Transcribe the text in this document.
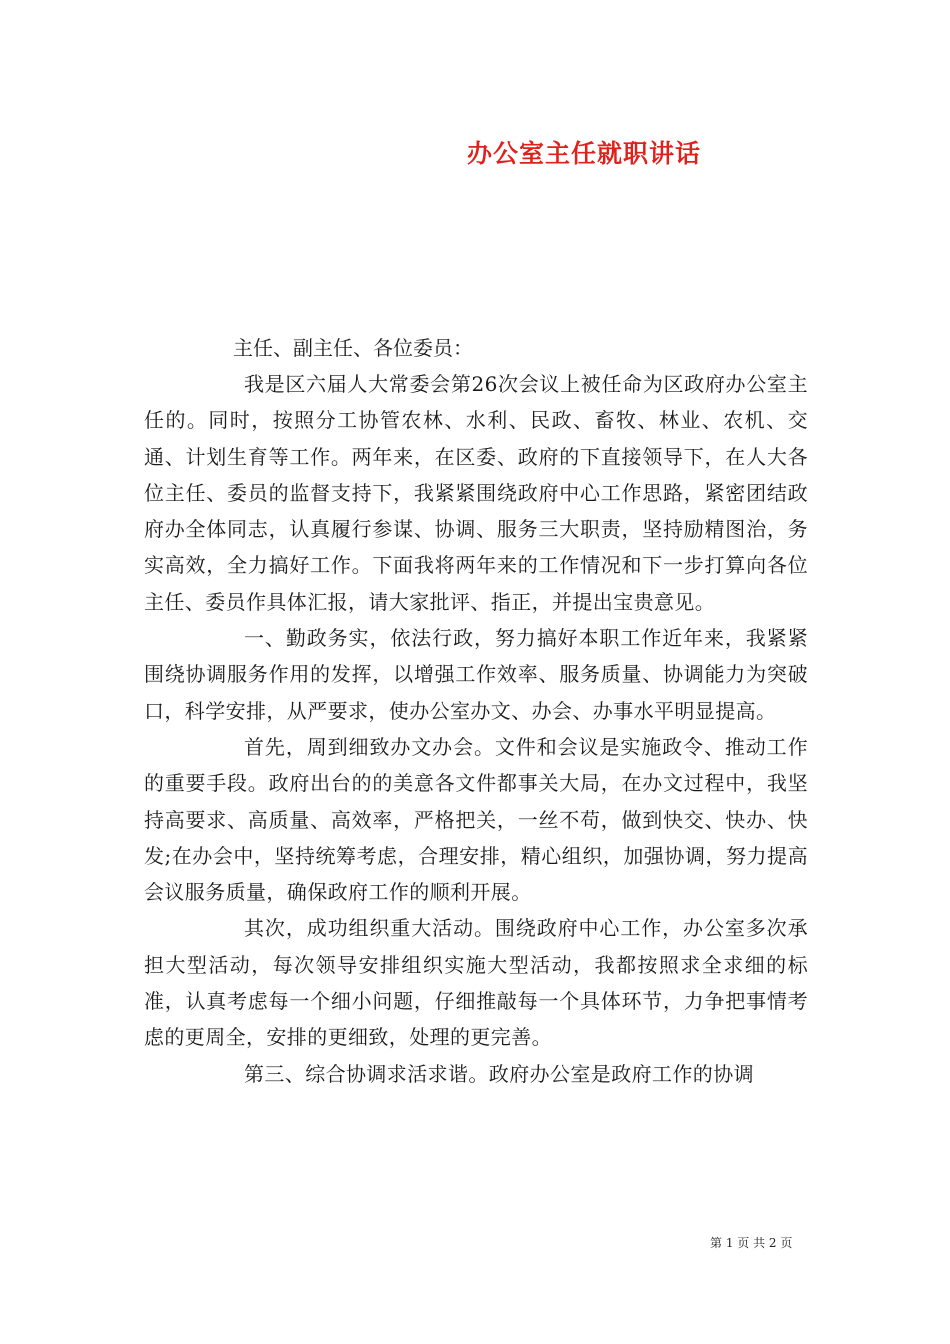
办公室主任就职讲话
主任、副主任、各位委员：

我是区六届人大常委会第26次会议上被任命为区政府办公室主任的。同时，按照分工协管农林、水利、民政、畜牧、林业、农机、交通、计划生育等工作。两年来，在区委、政府的下直接领导下，在人大各位主任、委员的监督支持下，我紧紧围绕政府中心工作思路，紧密团结政府办全体同志，认真履行参谋、协调、服务三大职责，坚持励精图治，务实高效，全力搞好工作。下面我将两年来的工作情况和下一步打算向各位主任、委员作具体汇报，请大家批评、指正，并提出宝贵意见。

一、勤政务实，依法行政，努力搞好本职工作近年来，我紧紧围绕协调服务作用的发挥，以增强工作效率、服务质量、协调能力为突破口，科学安排，从严要求，使办公室办文、办会、办事水平明显提高。

首先，周到细致办文办会。文件和会议是实施政令、推动工作的重要手段。政府出台的的美意各文件都事关大局，在办文过程中，我坚持高要求、高质量、高效率，严格把关，一丝不苟，做到快交、快办、快发;在办会中，坚持统筹考虑，合理安排，精心组织，加强协调，努力提高会议服务质量，确保政府工作的顺利开展。

其次，成功组织重大活动。围绕政府中心工作，办公室多次承担大型活动，每次领导安排组织实施大型活动，我都按照求全求细的标准，认真考虑每一个细小问题，仔细推敲每一个具体环节，力争把事情考虑的更周全，安排的更细致，处理的更完善。

第三、综合协调求活求谐。政府办公室是政府工作的协调

第 1 页 共 2 页
